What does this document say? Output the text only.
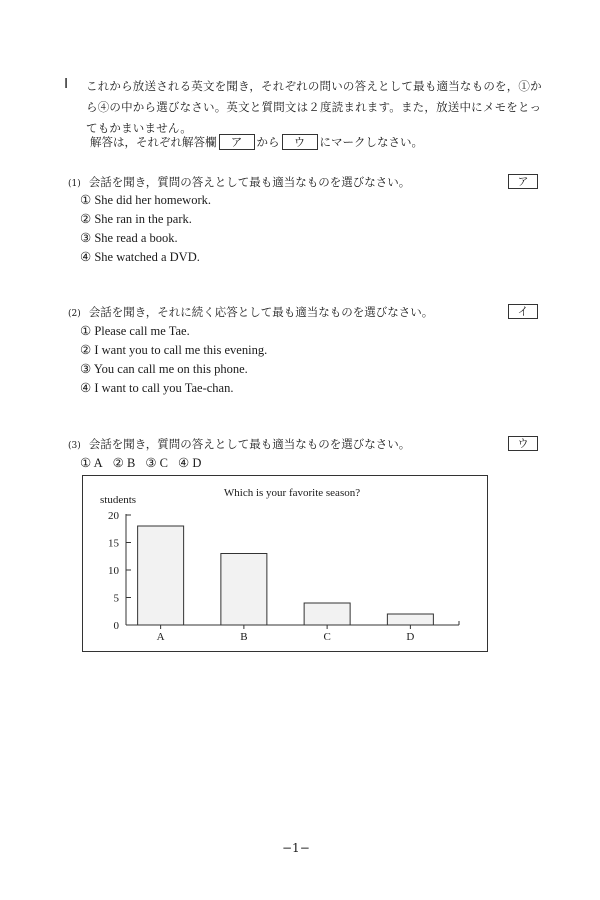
Ⅰ これから放送される英文を聞き，それぞれの問いの答えとして最も適当なものを，①から④の中から選びなさい。英文と質問文は２度読まれます。また，放送中にメモをとってもかまいません。
解答は，それぞれ解答欄 ア から ウ にマークしなさい。
(1) 会話を聞き，質問の答えとして最も適当なものを選びなさい。	ア
① She did her homework.
② She ran in the park.
③ She read a book.
④ She watched a DVD.
(2) 会話を聞き，それに続く応答として最も適当なものを選びなさい。	イ
① Please call me Tae.
② I want you to call me this evening.
③ You can call me on this phone.
④ I want to call you Tae-chan.
(3) 会話を聞き，質問の答えとして最も適当なものを選びなさい。	ウ
① A ② B ③ C ④ D
Which is your favorite season?
students
0
5
10
15
20
A	B	C	D
−1−
